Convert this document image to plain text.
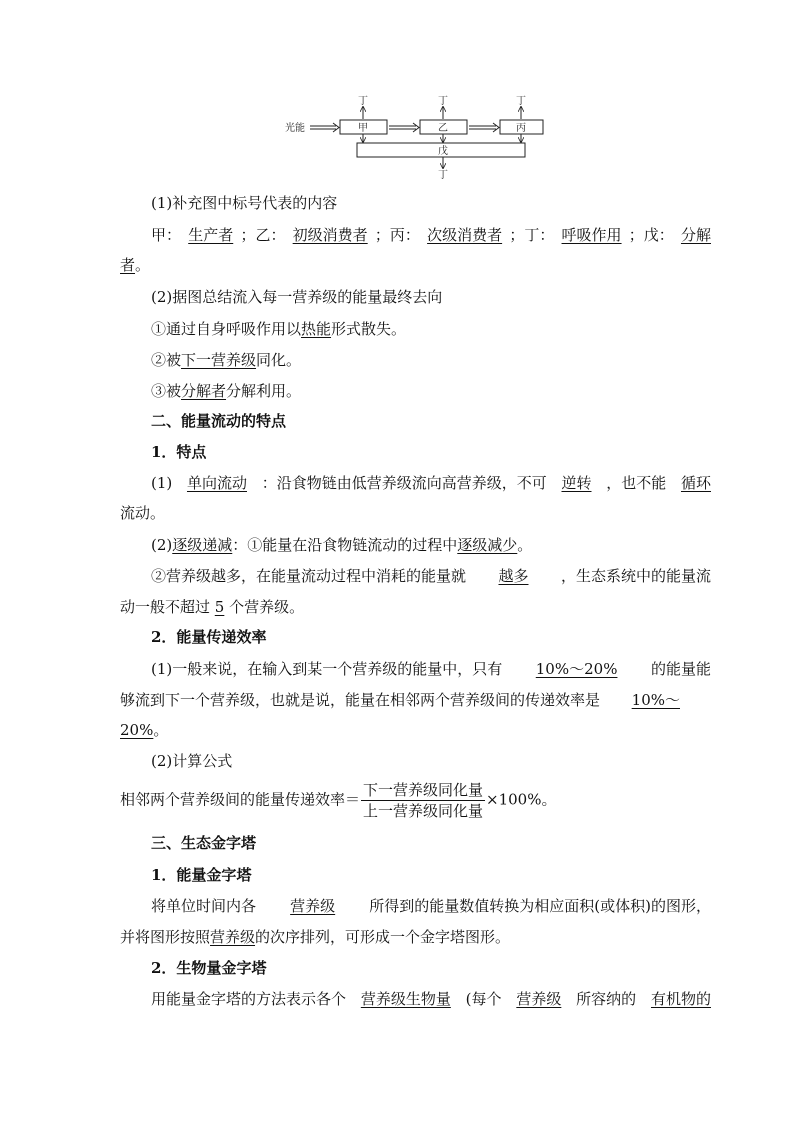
光能	甲	乙	丙
戊
丁	丁	丁
丁
(1)补充图中标号代表的内容
甲： 生产者 ；乙： 初级消费者 ；丙： 次级消费者 ；丁： 呼吸作用 ；戊： 分解
者。
(2)据图总结流入每一营养级的能量最终去向
①通过自身呼吸作用以热能形式散失。
②被下一营养级同化。
③被分解者分解利用。
二、能量流动的特点
1．特点
(1) 单向流动 ：沿食物链由低营养级流向高营养级，不可 逆转 ，也不能 循环
流动。
(2)逐级递减：①能量在沿食物链流动的过程中逐级减少。
②营养级越多，在能量流动过程中消耗的能量就 越多 ，生态系统中的能量流
动一般不超过 5 个营养级。
2．能量传递效率
(1)一般来说，在输入到某一个营养级的能量中，只有 10%～20% 的能量能
够流到下一个营养级，也就是说，能量在相邻两个营养级间的传递效率是 10%～
20%。
(2)计算公式
相邻两个营养级间的能量传递效率＝ $\frac{\text{下一营养级同化量}}{\text{上一营养级同化量}} \times 100\%$。
三、生态金字塔
1．能量金字塔
将单位时间内各 营养级 所得到的能量数值转换为相应面积(或体积)的图形，
并将图形按照营养级的次序排列，可形成一个金字塔图形。
2．生物量金字塔
用能量金字塔的方法表示各个 营养级生物量 (每个 营养级 所容纳的 有机物的
